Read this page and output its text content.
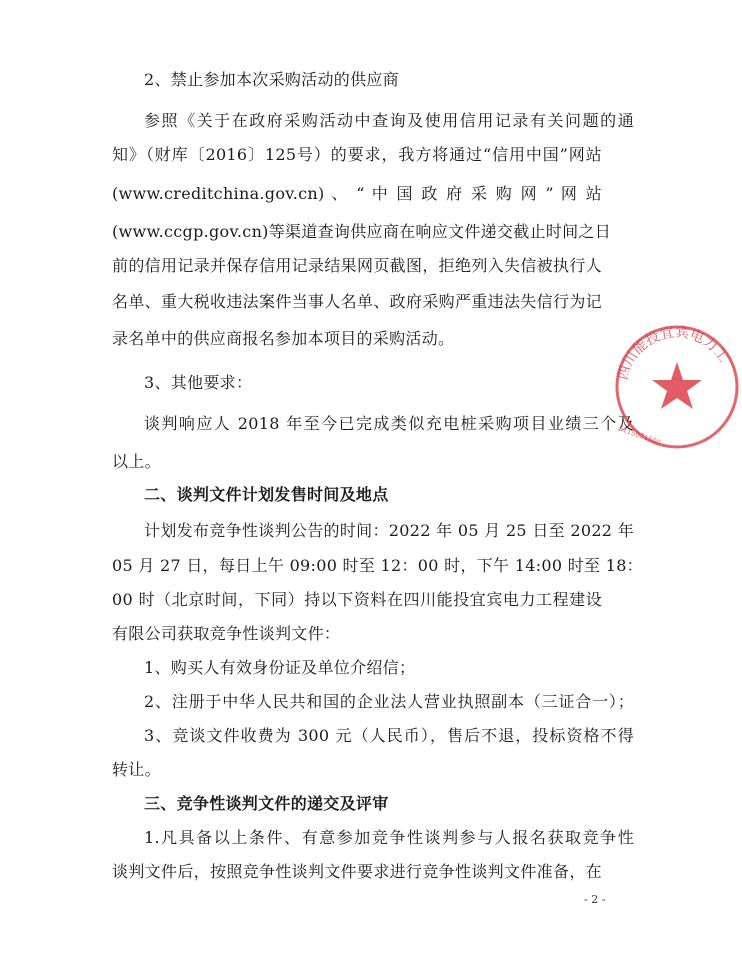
2、禁止参加本次采购活动的供应商
参照《关于在政府采购活动中查询及使用信用记录有关问题的通
知》（财库〔2016〕125号）的要求，我方将通过“信用中国”网站
(www.creditchina.gov.cn) 、 “ 中 国 政 府 采 购 网 ” 网 站
(www.ccgp.gov.cn)等渠道查询供应商在响应文件递交截止时间之日
前的信用记录并保存信用记录结果网页截图，拒绝列入失信被执行人
名单、重大税收违法案件当事人名单、政府采购严重违法失信行为记
录名单中的供应商报名参加本项目的采购活动。
3、其他要求：
谈判响应人 2018 年至今已完成类似充电桩采购项目业绩三个及
以上。
二、谈判文件计划发售时间及地点
计划发布竞争性谈判公告的时间：2022 年 05 月 25 日至 2022 年
05 月 27 日，每日上午 09:00 时至 12：00 时，下午 14:00 时至 18：
00 时（北京时间，下同）持以下资料在四川能投宜宾电力工程建设
有限公司获取竞争性谈判文件：
1、购买人有效身份证及单位介绍信；
2、注册于中华人民共和国的企业法人营业执照副本（三证合一）；
3、竞谈文件收费为 300 元（人民币），售后不退，投标资格不得
转让。
三、竞争性谈判文件的递交及评审
1.凡具备以上条件、有意参加竞争性谈判参与人报名获取竞争性
谈判文件后，按照竞争性谈判文件要求进行竞争性谈判文件准备，在
- 2 -
四川能投宜宾电力工
5115021500
